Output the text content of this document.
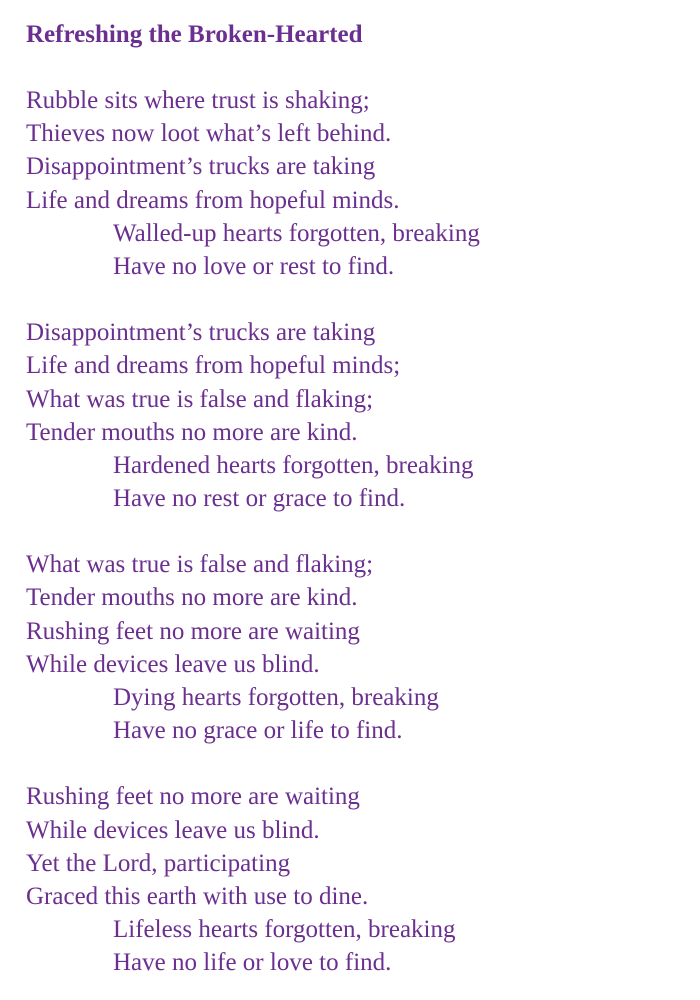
Refreshing the Broken-Hearted
Rubble sits where trust is shaking;
Thieves now loot what’s left behind.
Disappointment’s trucks are taking
Life and dreams from hopeful minds.
Walled-up hearts forgotten, breaking
Have no love or rest to find.
Disappointment’s trucks are taking
Life and dreams from hopeful minds;
What was true is false and flaking;
Tender mouths no more are kind.
Hardened hearts forgotten, breaking
Have no rest or grace to find.
What was true is false and flaking;
Tender mouths no more are kind.
Rushing feet no more are waiting
While devices leave us blind.
Dying hearts forgotten, breaking
Have no grace or life to find.
Rushing feet no more are waiting
While devices leave us blind.
Yet the Lord, participating
Graced this earth with use to dine.
Lifeless hearts forgotten, breaking
Have no life or love to find.
